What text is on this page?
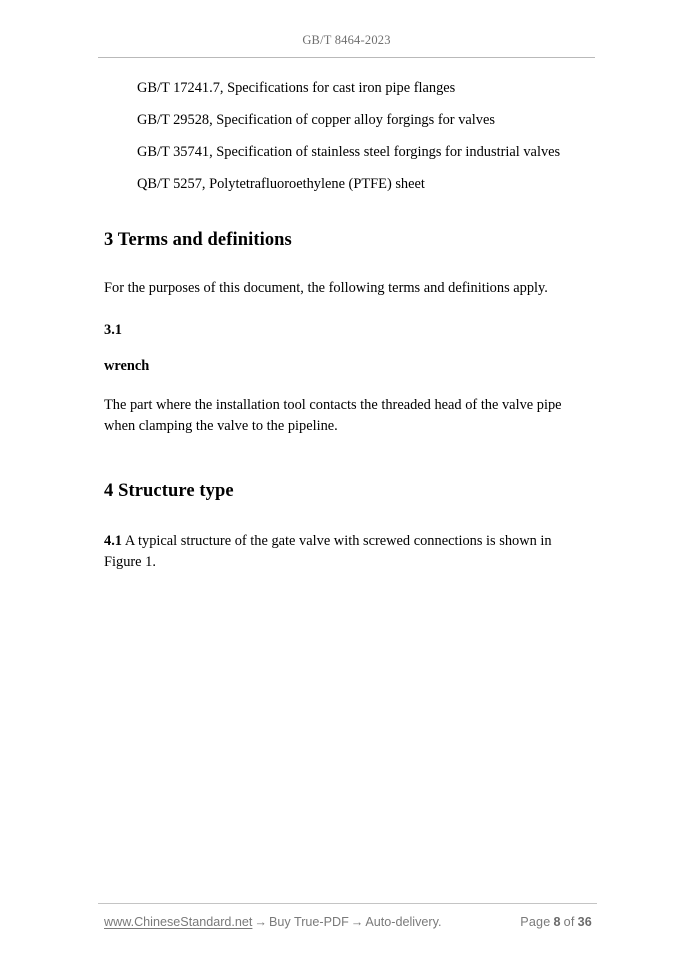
GB/T 8464-2023

GB/T 17241.7, Specifications for cast iron pipe flanges

GB/T 29528, Specification of copper alloy forgings for valves

GB/T 35741, Specification of stainless steel forgings for industrial valves

QB/T 5257, Polytetrafluoroethylene (PTFE) sheet

3 Terms and definitions

For the purposes of this document, the following terms and definitions apply.

3.1

wrench

The part where the installation tool contacts the threaded head of the valve pipe when clamping the valve to the pipeline.

4 Structure type

4.1 A typical structure of the gate valve with screwed connections is shown in Figure 1.

www.ChineseStandard.net → Buy True-PDF → Auto-delivery.	Page 8 of 36
